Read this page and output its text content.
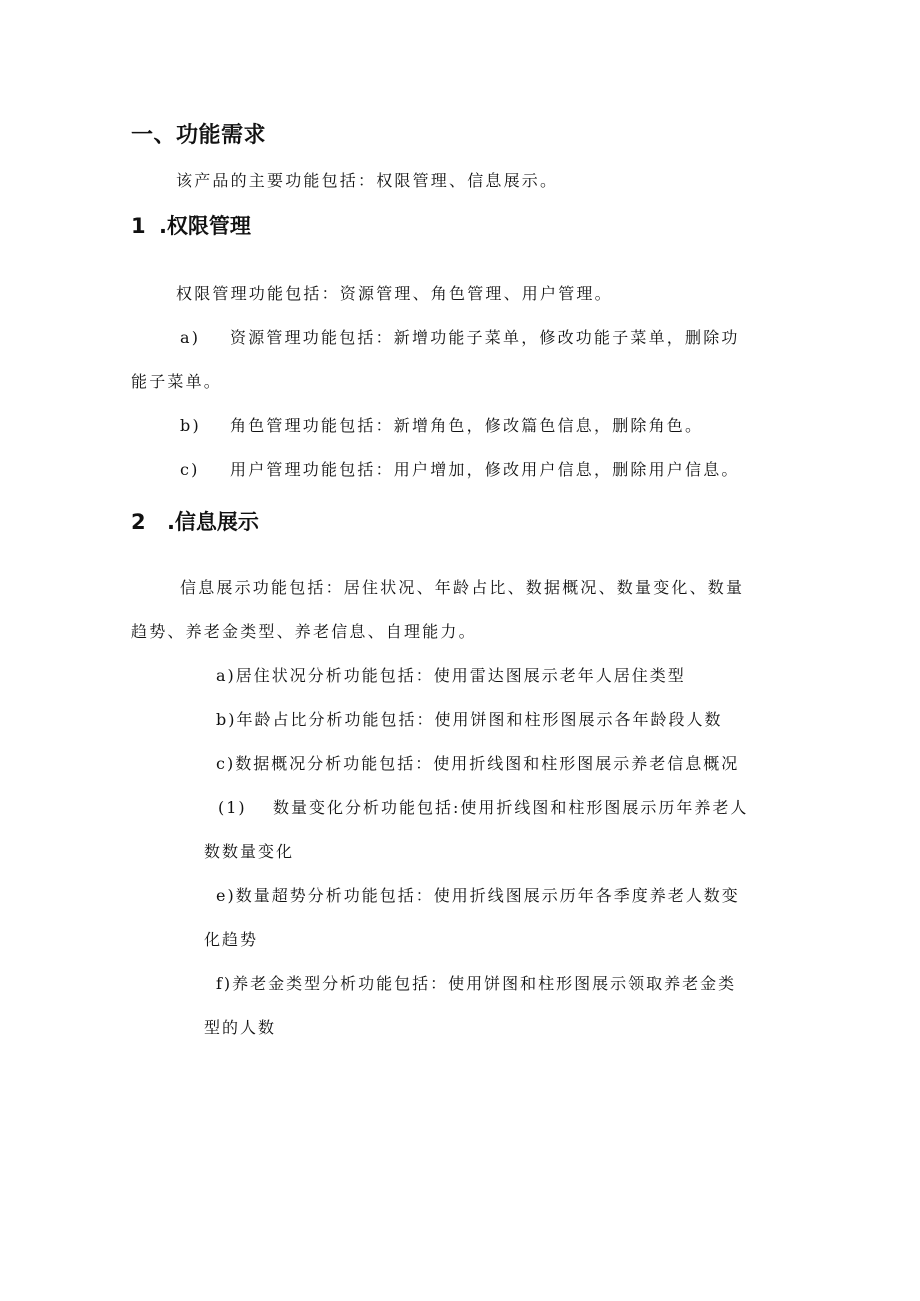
一、功能需求
该产品的主要功能包括：权限管理、信息展示。
1 .权限管理
权限管理功能包括：资源管理、角色管理、用户管理。
a) 资源管理功能包括：新增功能子菜单，修改功能子菜单，删除功
能子菜单。
b) 角色管理功能包括：新增角色，修改篇色信息，删除角色。
c) 用户管理功能包括：用户增加，修改用户信息，删除用户信息。
2 .信息展示
信息展示功能包括：居住状况、年龄占比、数据概况、数量变化、数量
趋势、养老金类型、养老信息、自理能力。
a)居住状况分析功能包括：使用雷达图展示老年人居住类型
b)年龄占比分析功能包括：使用饼图和柱形图展示各年龄段人数
c)数据概况分析功能包括：使用折线图和柱形图展示养老信息概况
(1) 数量变化分析功能包括:使用折线图和柱形图展示历年养老人
数数量变化
e)数量超势分析功能包括：使用折线图展示历年各季度养老人数变
化趋势
f)养老金类型分析功能包括：使用饼图和柱形图展示领取养老金类
型的人数
